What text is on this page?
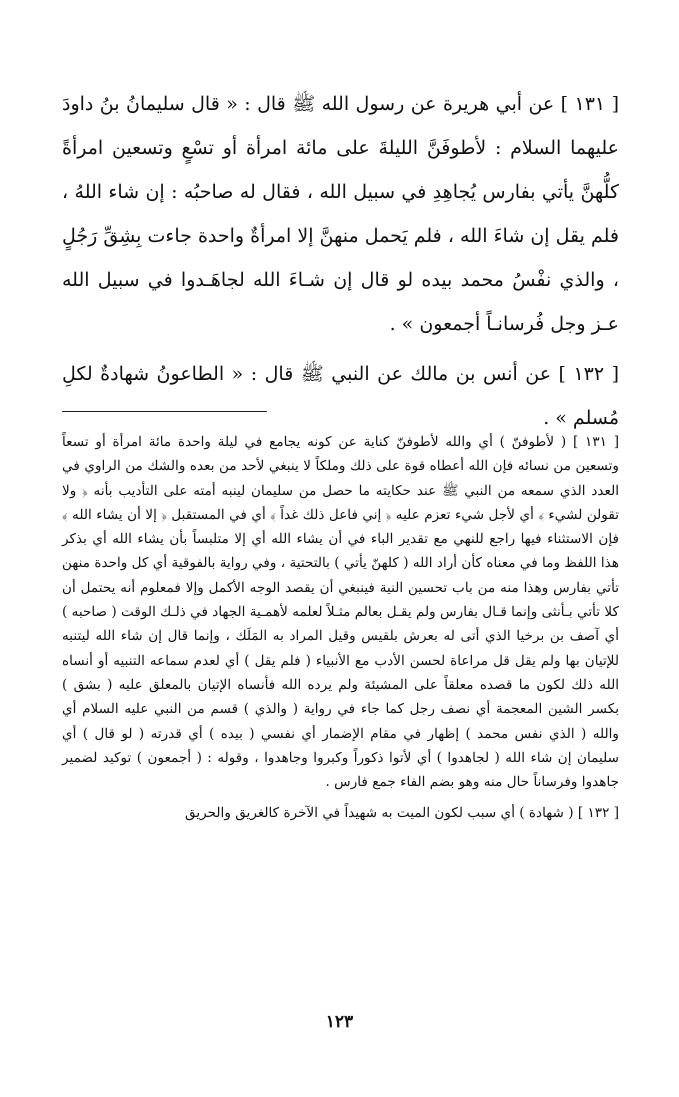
[ ١٣١ ] عن أبي هريرة عن رسول الله ﷺ قال : « قال سليمانُ بنُ داودَ عليهما السلام : لأطوفَنَّ الليلةَ على مائة امرأة أو تسْعٍ وتسعين امرأةً كلُّهنَّ يأتي بفارس يُجاهِدِ في سبيل الله ، فقال له صاحبُه : إن شاء اللهُ ، فلم يقل إن شاءَ الله ، فلم يَحمل منهنَّ إلا امرأةٌ واحدة جاءت بِشِقِّ رَجُلٍ ، والذي نفْسُ محمد بيده لو قال إن شـاءَ الله لجاهَـدوا في سبيل الله عـز وجل فُرسانـاً أجمعون » .

[ ١٣٢ ] عن أنس بن مالك عن النبي ﷺ قال : « الطاعونُ شهادةٌ لكلِ مُسلم » .

[ ١٣١ ] ( لأطوفنّ ) أي والله لأطوفنّ كناية عن كونه يجامع في ليلة واحدة مائة امرأة أو تسعاً وتسعين من نسائه فإن الله أعطاه قوة على ذلك وملكاً لا ينبغي لأحد من بعده والشك من الراوي في العدد الذي سمعه من النبي ﷺ عند حكايته ما حصل من سليمان لينبه أمته على التأديب بأنه ﴿ ولا تقولن لشيء ﴾ أي لأجل شيء تعزم عليه ﴿ إني فاعل ذلك غداً ﴾ أي في المستقبل ﴿ إلا أن يشاء الله ﴾ فإن الاستثناء فيها راجع للنهي مع تقدير الباء في أن يشاء الله أي إلا متلبساً بأن يشاء الله أي بذكر هذا اللفظ وما في معناه كأن أراد الله ( كلهنّ يأتي ) بالتحتية ، وفي رواية بالفوقية أي كل واحدة منهن تأتي بفارس وهذا منه من باب تحسين النية فينبغي أن يقصد الوجه الأكمل وإلا فمعلوم أنه يحتمل أن كلا تأتي بـأنثى وإنما قـال بفارس ولم يقـل بعالم مثـلاً لعلمه لأهمـية الجهاد في ذلـك الوقت ( صاحبه ) أي آصف بن برخيا الذي أتى له بعرش بلقيس وقيل المراد به المَلَك ، وإنما قال إن شاء الله ليتنبه للإتيان بها ولم يقل قل مراعاة لحسن الأدب مع الأنبياء ( فلم يقل ) أي لعدم سماعه التنبيه أو أنساه الله ذلك لكون ما قصده معلقاً على المشيئة ولم يرده الله فأنساه الإتيان بالمعلق عليه ( بشق ) بكسر الشين المعجمة أي نصف رجل كما جاء في رواية ( والذي ) قسم من النبي عليه السلام أي والله ( الذي نفس محمد ) إظهار في مقام الإضمار أي نفسي ( بيده ) أي قدرته ( لو قال ) أي سليمان إن شاء الله ( لجاهدوا ) أي لأتوا ذكوراً وكبروا وجاهدوا ، وقوله : ( أجمعون ) توكيد لضمير جاهدوا وفرساناً حال منه وهو بضم الفاء جمع فارس .

[ ١٣٢ ] ( شهادة ) أي سبب لكون الميت به شهيداً في الآخرة كالغريق والحريق

١٢٣
